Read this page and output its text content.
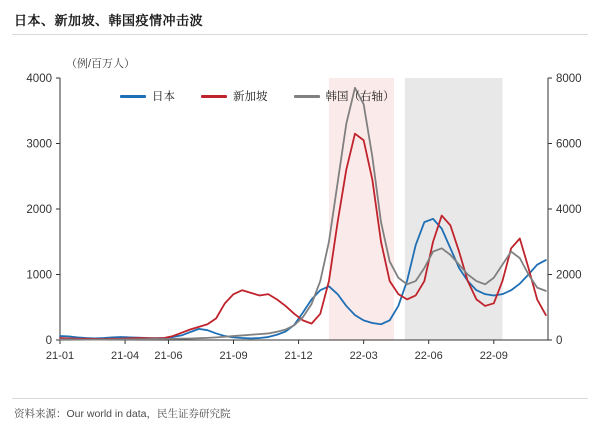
日本、新加坡、韩国疫情冲击波
（例/百万人）
0
1000
2000
3000
4000
0
2000
4000
6000
8000
21-01	21-04 21-06	21-09	21-12	22-03	22-06	22-09
日本	新加坡	韩国（右轴）
资料来源：Our world in data，民生证券研究院
